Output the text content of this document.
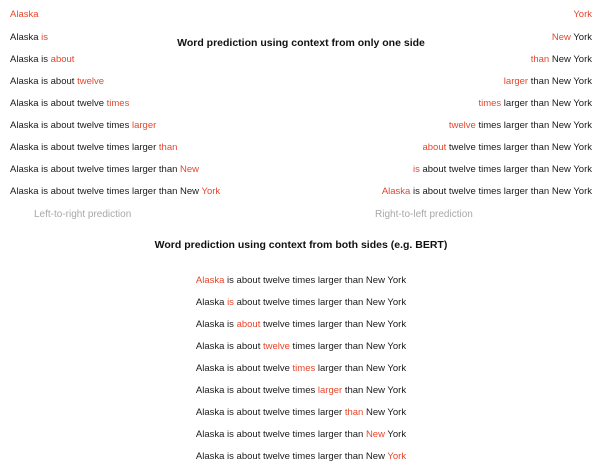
Word prediction using context from only one side
Alaska
Alaska is
Alaska is about
Alaska is about twelve
Alaska is about twelve times
Alaska is about twelve times larger
Alaska is about twelve times larger than
Alaska is about twelve times larger than New
Alaska is about twelve times larger than New York
York
New York
than New York
larger than New York
times larger than New York
twelve times larger than New York
about twelve times larger than New York
is about twelve times larger than New York
Alaska is about twelve times larger than New York
Left-to-right prediction	Right-to-left prediction
Word prediction using context from both sides (e.g. BERT)
Alaska is about twelve times larger than New York
Alaska is about twelve times larger than New York
Alaska is about twelve times larger than New York
Alaska is about twelve times larger than New York
Alaska is about twelve times larger than New York
Alaska is about twelve times larger than New York
Alaska is about twelve times larger than New York
Alaska is about twelve times larger than New York
Alaska is about twelve times larger than New York
